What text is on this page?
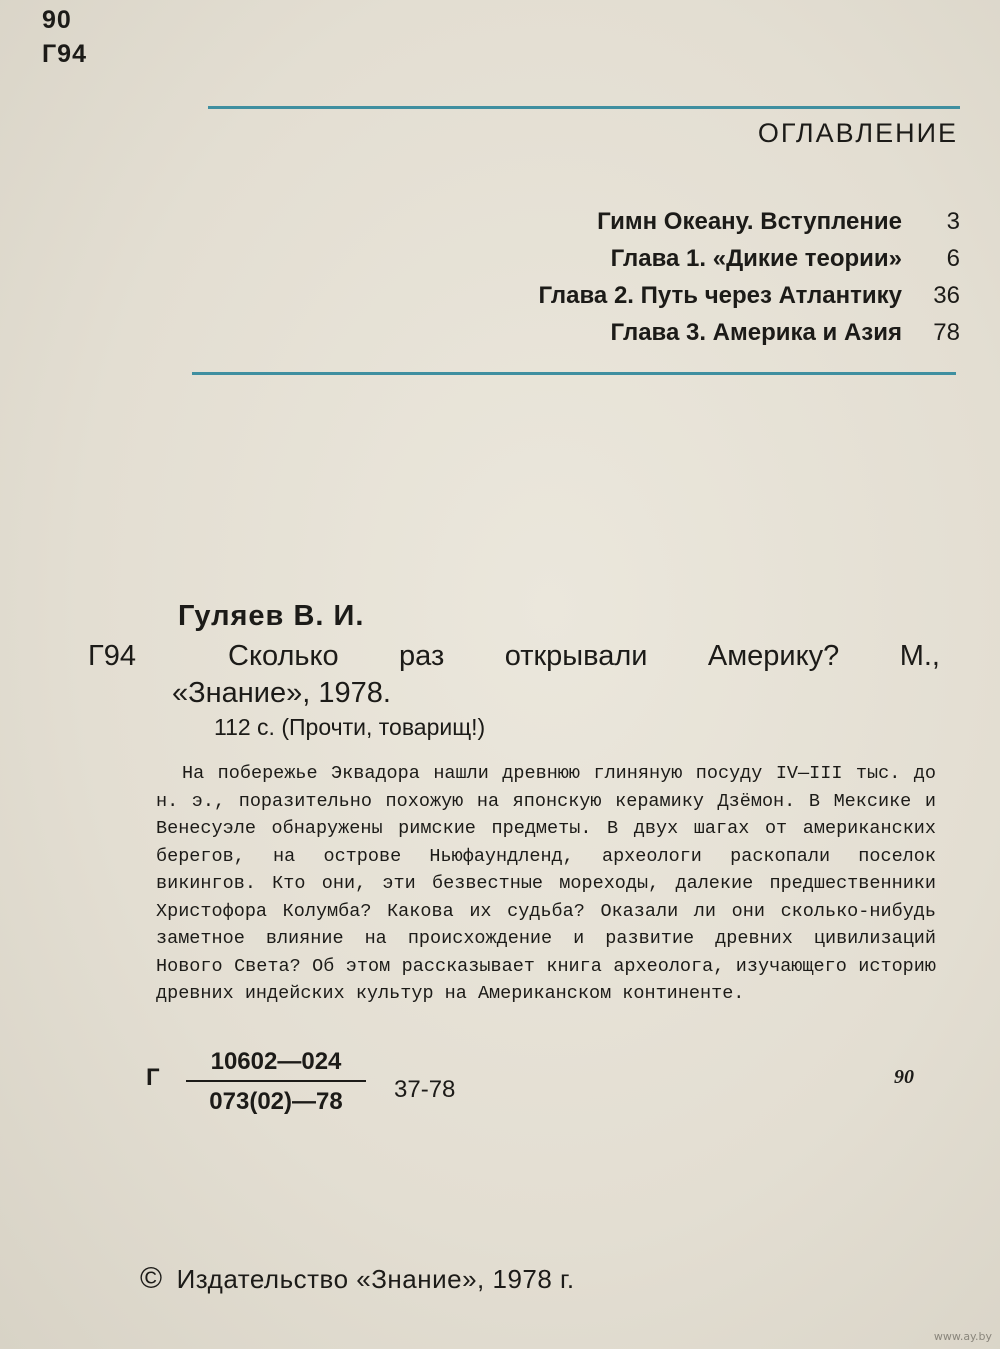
90
Г94
ОГЛАВЛЕНИЕ
Гимн Океану. Вступление	3
Глава 1. «Дикие теории»	6
Глава 2. Путь через Атлантику	36
Глава 3. Америка и Азия	78
Гуляев В. И.
Г94	Сколько раз открывали Америку? М.,
«Знание», 1978.
112 с. (Прочти, товарищ!)

На побережье Эквадора нашли древнюю глиняную посуду IV—III тыс. до н. э., поразительно похожую на японскую керамику Дзёмон. В Мексике и Венесуэле обнаружены римские предметы. В двух шагах от американских берегов, на острове Ньюфаундленд, археологи раскопали поселок викингов. Кто они, эти безвестные мореходы, далекие предшественники Христофора Колумба? Какова их судьба? Оказали ли они сколько-нибудь заметное влияние на происхождение и развитие древних цивилизаций Нового Света? Об этом рассказывает книга археолога, изучающего историю древних индейских культур на Американском континенте.

Г
10602—024
073(02)—78	37-78	90
© Издательство «Знание», 1978 г.
www.ay.by
